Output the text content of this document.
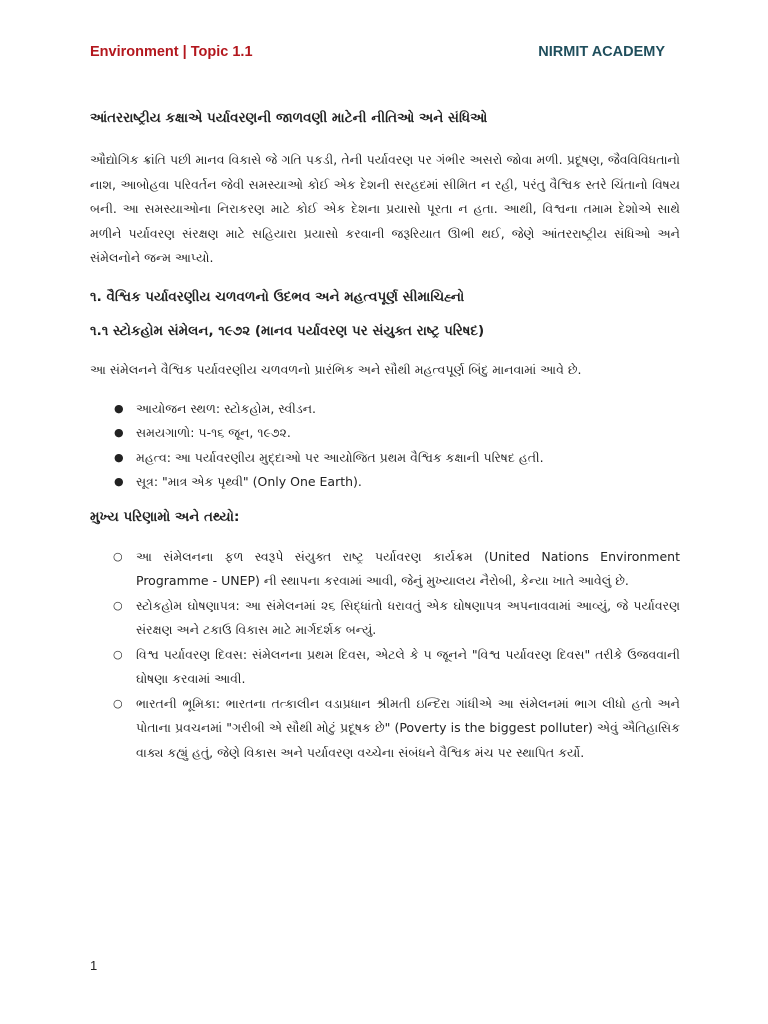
Environment | Topic 1.1	NIRMIT ACADEMY
આંતરરાષ્ટ્રીય કક્ષાએ પર્યાવરણની જાળવણી માટેની નીતિઓ અને સંધિઓ

ઔદ્યોગિક ક્રાંતિ પછી માનવ વિકાસે જે ગતિ પકડી, તેની પર્યાવરણ પર ગંભીર અસરો જોવા મળી. પ્રદૂષણ, જૈવવિવિધતાનો નાશ, આબોહવા પરિવર્તન જેવી સમસ્યાઓ કોઈ એક દેશની સરહદમાં સીમિત ન રહી, પરંતુ વૈશ્વિક સ્તરે ચિંતાનો વિષય બની. આ સમસ્યાઓના નિરાકરણ માટે કોઈ એક દેશના પ્રયાસો પૂરતા ન હતા. આથી, વિશ્વના તમામ દેશોએ સાથે મળીને પર્યાવરણ સંરક્ષણ માટે સહિયારા પ્રયાસો કરવાની જરૂરિયાત ઊભી થઈ, જેણે આંતરરાષ્ટ્રીય સંધિઓ અને સંમેલનોને જન્મ આપ્યો.

૧. વૈશ્વિક પર્યાવરણીય ચળવળનો ઉદભવ અને મહત્વપૂર્ણ સીમાચિહ્નો
૧.૧ સ્ટોકહોમ સંમેલન, ૧૯૭૨ (માનવ પર્યાવરણ પર સંયુક્ત રાષ્ટ્ર પરિષદ)

આ સંમેલનને વૈશ્વિક પર્યાવરણીય ચળવળનો પ્રારંભિક અને સૌથી મહત્વપૂર્ણ બિંદુ માનવામાં આવે છે.

● આયોજન સ્થળ: સ્ટોકહોમ, સ્વીડન.
● સમયગાળો: ૫-૧૬ જૂન, ૧૯૭૨.
● મહત્વ: આ પર્યાવરણીય મુદ્દાઓ પર આયોજિત પ્રથમ વૈશ્વિક કક્ષાની પરિષદ હતી.
● સૂત્ર: "માત્ર એક પૃથ્વી" (Only One Earth).
મુખ્ય પરિણામો અને તથ્યો:
○ આ સંમેલનના ફળ સ્વરૂપે સંયુક્ત રાષ્ટ્ર પર્યાવરણ કાર્યક્રમ (United Nations Environment Programme - UNEP) ની સ્થાપના કરવામાં આવી, જેનું મુખ્યાલય નૈરોબી, કેન્યા ખાતે આવેલું છે.
○ સ્ટોકહોમ ઘોષણાપત્ર: આ સંમેલનમાં ૨૬ સિદ્ધાંતો ધરાવતું એક ઘોષણાપત્ર અપનાવવામાં આવ્યું, જે પર્યાવરણ સંરક્ષણ અને ટકાઉ વિકાસ માટે માર્ગદર્શક બન્યું.
○ વિશ્વ પર્યાવરણ દિવસ: સંમેલનના પ્રથમ દિવસ, એટલે કે ૫ જૂનને "વિશ્વ પર્યાવરણ દિવસ" તરીકે ઉજવવાની ઘોષણા કરવામાં આવી.
○ ભારતની ભૂમિકા: ભારતના તત્કાલીન વડાપ્રધાન શ્રીમતી ઇન્દિરા ગાંધીએ આ સંમેલનમાં ભાગ લીધો હતો અને પોતાના પ્રવચનમાં "ગરીબી એ સૌથી મોટું પ્રદૂષક છે" (Poverty is the biggest polluter) એવું ઐતિહાસિક વાક્ય કહ્યું હતું, જેણે વિકાસ અને પર્યાવરણ વચ્ચેના સંબંધને વૈશ્વિક મંચ પર સ્થાપિત કર્યો.
1
